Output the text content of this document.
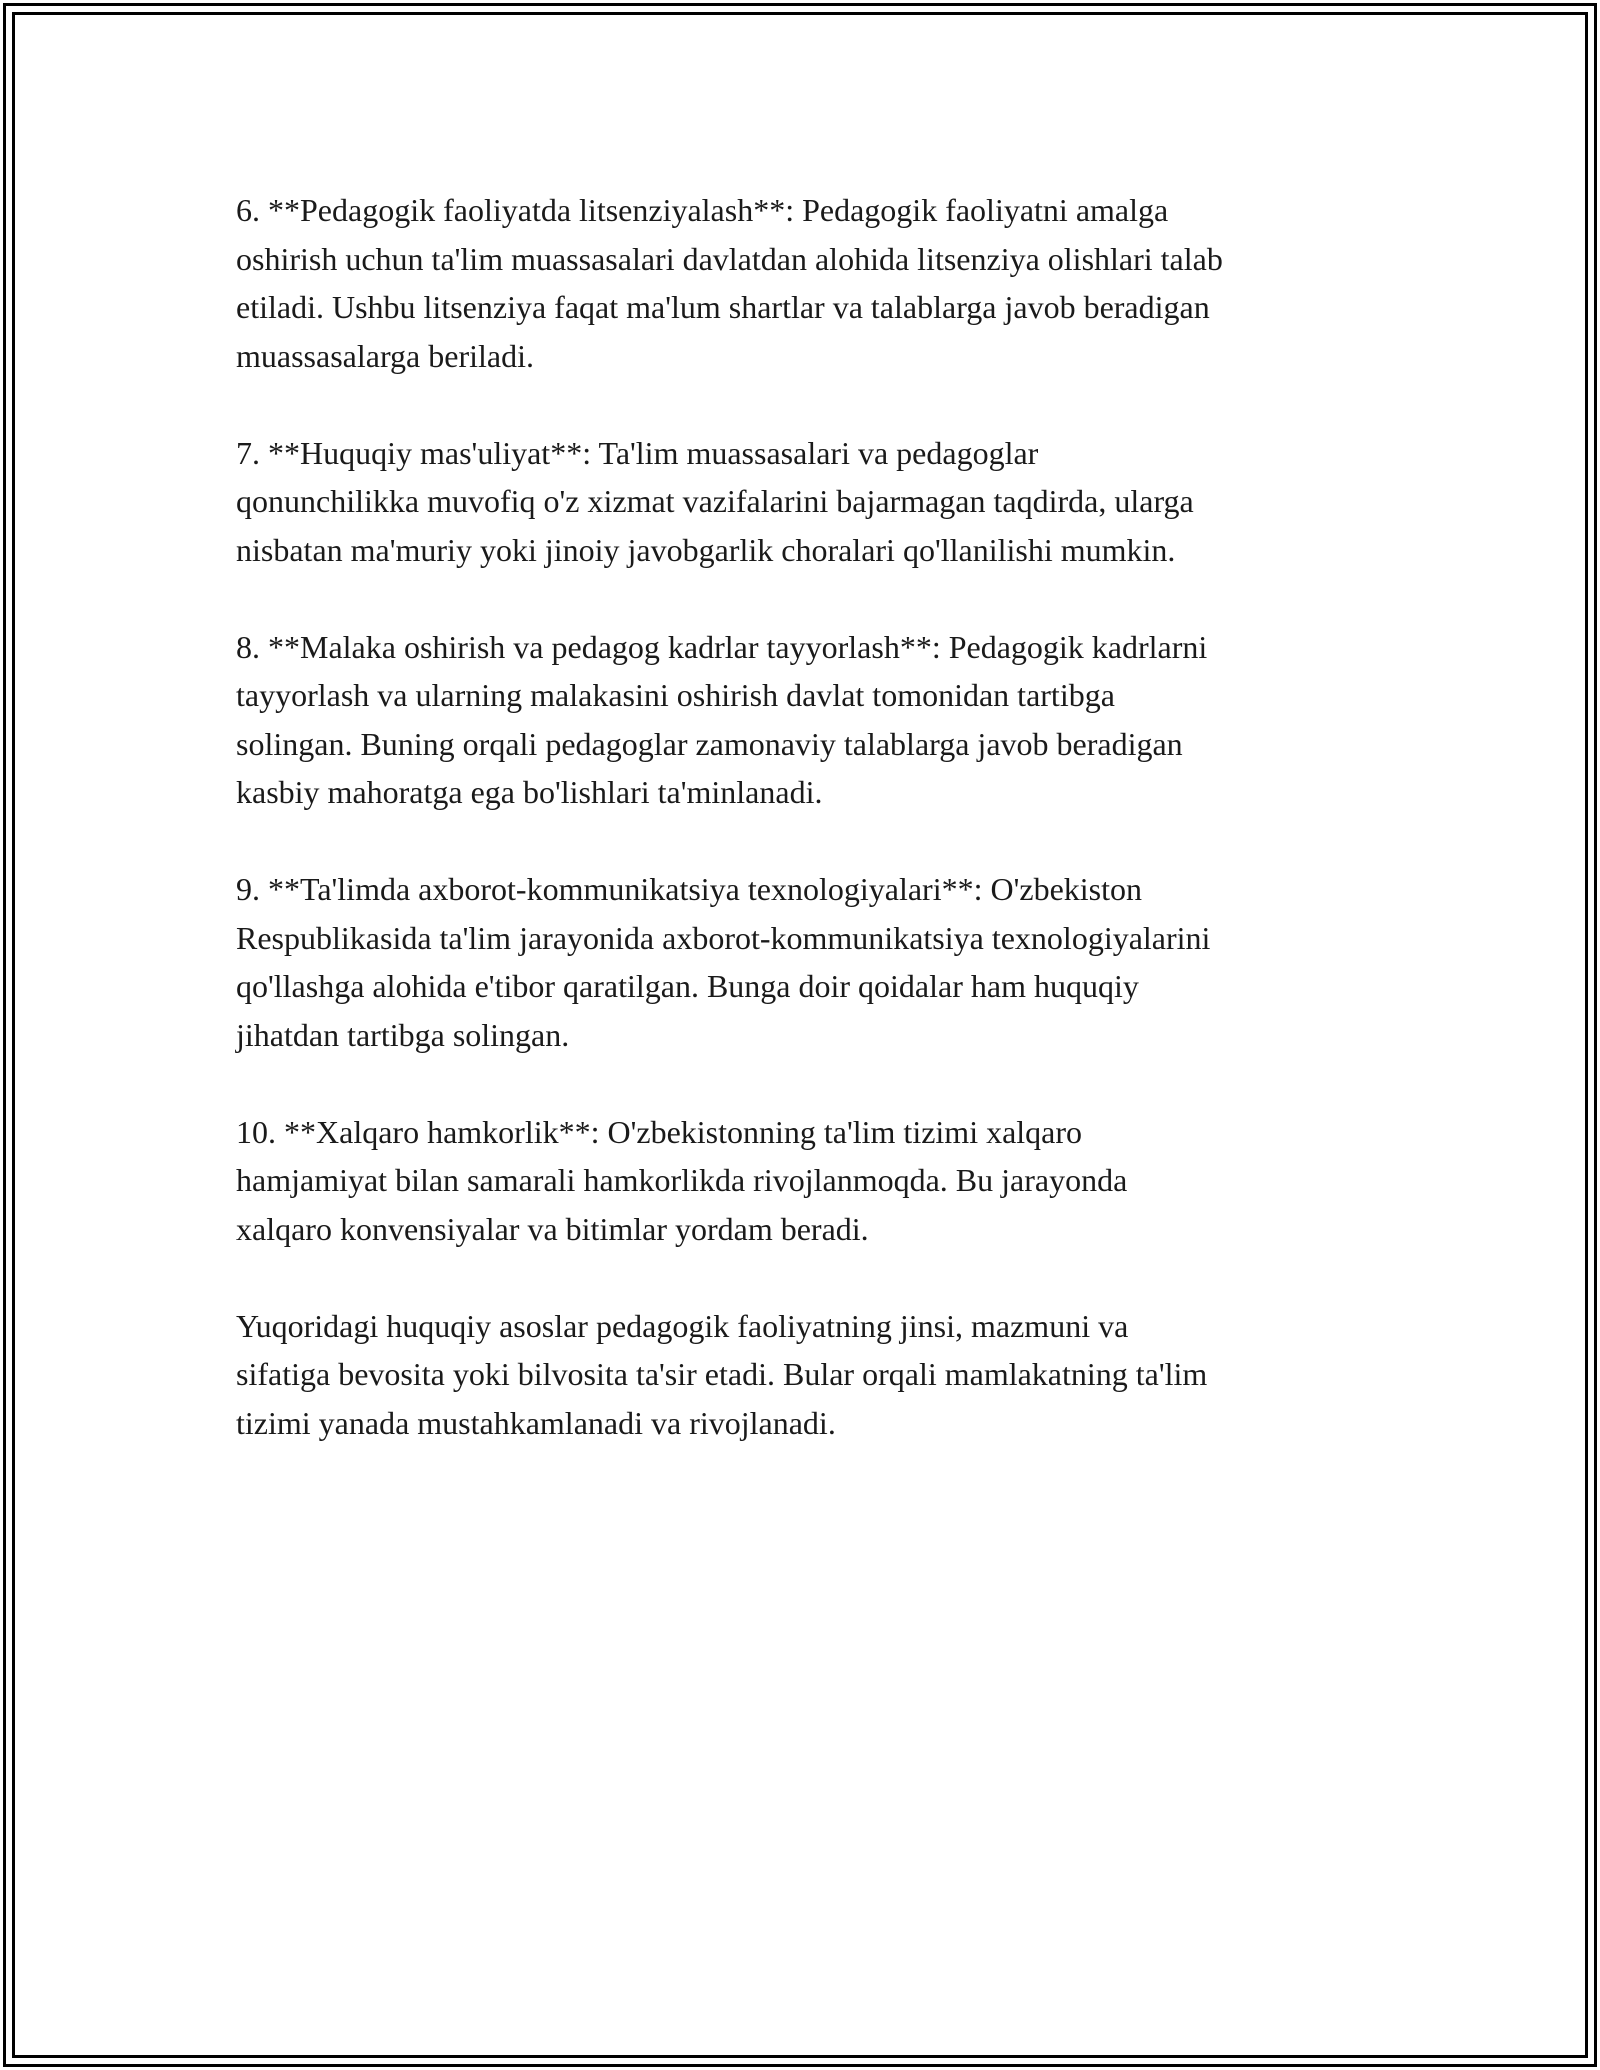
6. **Pedagogik faoliyatda litsenziyalash**: Pedagogik faoliyatni amalga
oshirish uchun ta'lim muassasalari davlatdan alohida litsenziya olishlari talab
etiladi. Ushbu litsenziya faqat ma'lum shartlar va talablarga javob beradigan
muassasalarga beriladi.

7. **Huquqiy mas'uliyat**: Ta'lim muassasalari va pedagoglar
qonunchilikka muvofiq o'z xizmat vazifalarini bajarmagan taqdirda, ularga
nisbatan ma'muriy yoki jinoiy javobgarlik choralari qo'llanilishi mumkin.

8. **Malaka oshirish va pedagog kadrlar tayyorlash**: Pedagogik kadrlarni
tayyorlash va ularning malakasini oshirish davlat tomonidan tartibga
solingan. Buning orqali pedagoglar zamonaviy talablarga javob beradigan
kasbiy mahoratga ega bo'lishlari ta'minlanadi.

9. **Ta'limda axborot-kommunikatsiya texnologiyalari**: O'zbekiston
Respublikasida ta'lim jarayonida axborot-kommunikatsiya texnologiyalarini
qo'llashga alohida e'tibor qaratilgan. Bunga doir qoidalar ham huquqiy
jihatdan tartibga solingan.

10. **Xalqaro hamkorlik**: O'zbekistonning ta'lim tizimi xalqaro
hamjamiyat bilan samarali hamkorlikda rivojlanmoqda. Bu jarayonda
xalqaro konvensiyalar va bitimlar yordam beradi.

Yuqoridagi huquqiy asoslar pedagogik faoliyatning jinsi, mazmuni va
sifatiga bevosita yoki bilvosita ta'sir etadi. Bular orqali mamlakatning ta'lim
tizimi yanada mustahkamlanadi va rivojlanadi.
